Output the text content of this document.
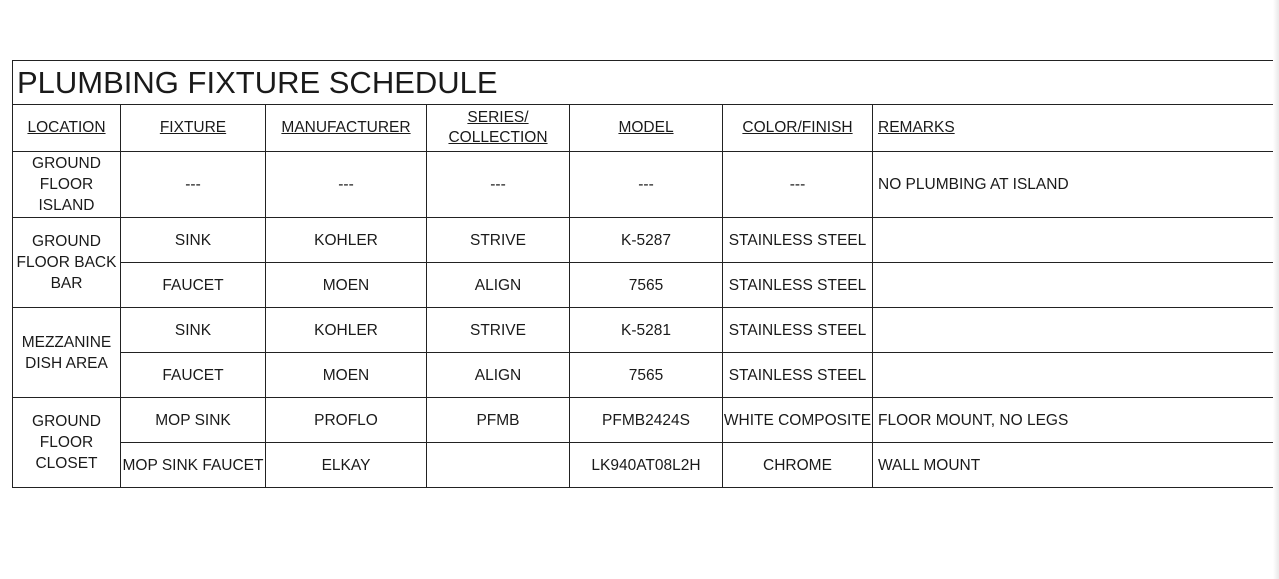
PLUMBING FIXTURE SCHEDULE						
LOCATION	FIXTURE	MANUFACTURER	SERIES/
COLLECTION	MODEL	COLOR/FINISH	REMARKS

GROUND
FLOOR
ISLAND	---	---	---	---	---	NO PLUMBING AT ISLAND

GROUND
FLOOR BACK
BAR	SINK	KOHLER	STRIVE	K-5287	STAINLESS STEEL	
	FAUCET	MOEN	ALIGN	7565	STAINLESS STEEL	

MEZZANINE
DISH AREA	SINK	KOHLER	STRIVE	K-5281	STAINLESS STEEL	
	FAUCET	MOEN	ALIGN	7565	STAINLESS STEEL	

GROUND
FLOOR
CLOSET	MOP SINK	PROFLO	PFMB	PFMB2424S	WHITE COMPOSITE	FLOOR MOUNT, NO LEGS
	MOP SINK FAUCET	ELKAY		LK940AT08L2H	CHROME	WALL MOUNT
